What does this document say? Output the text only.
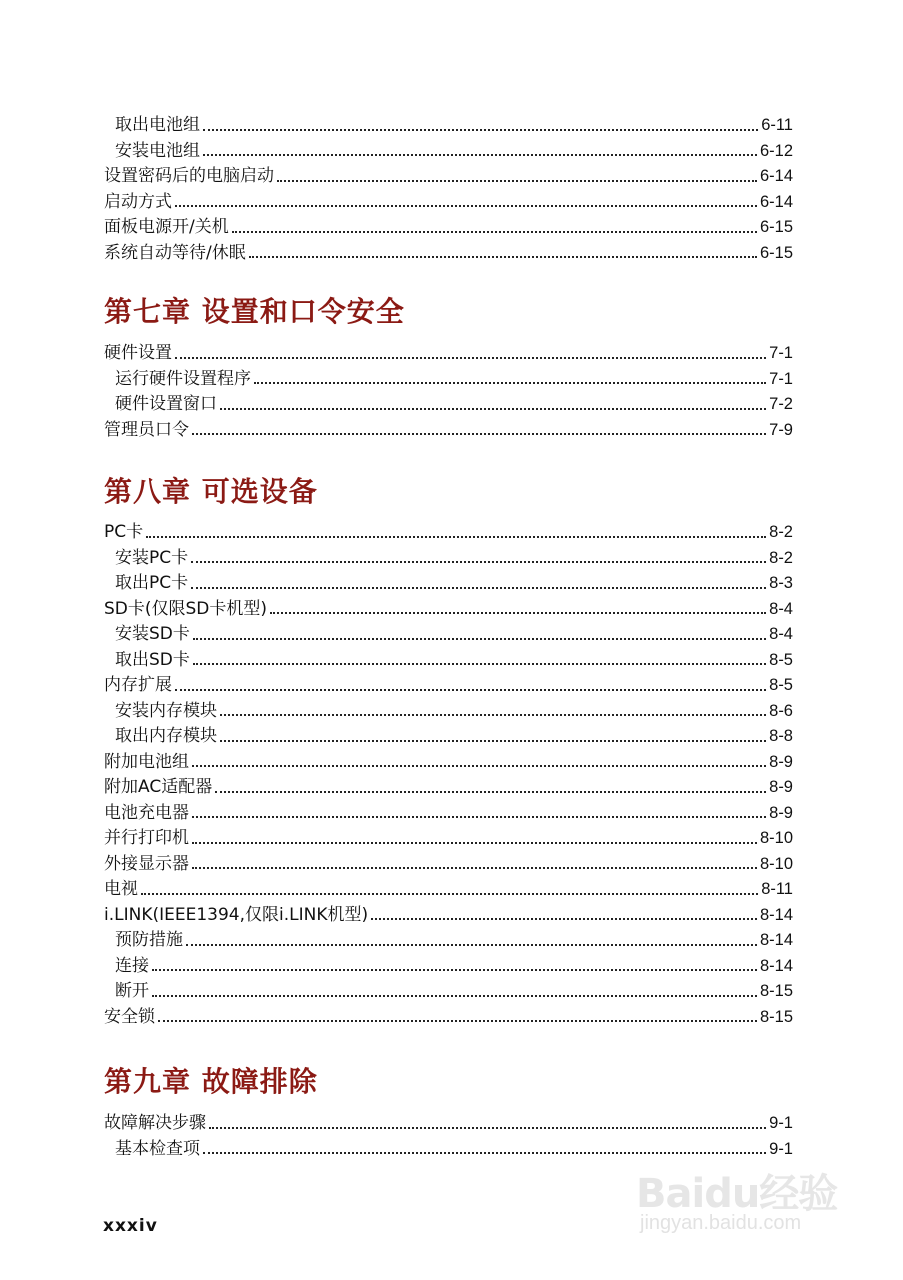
取出电池组	6-11
安装电池组	6-12
设置密码后的电脑启动	6-14
启动方式	6-14
面板电源开/关机	6-15
系统自动等待/休眠	6-15
第七章 设置和口令安全
硬件设置	7-1
运行硬件设置程序	7-1
硬件设置窗口	7-2
管理员口令	7-9
第八章 可选设备
PC卡	8-2
安装PC卡	8-2
取出PC卡	8-3
SD卡(仅限SD卡机型)	8-4
安装SD卡	8-4
取出SD卡	8-5
内存扩展	8-5
安装内存模块	8-6
取出内存模块	8-8
附加电池组	8-9
附加AC适配器	8-9
电池充电器	8-9
并行打印机	8-10
外接显示器	8-10
电视	8-11
i.LINK(IEEE1394,仅限i.LINK机型)	8-14
预防措施	8-14
连接	8-14
断开	8-15
安全锁	8-15
第九章 故障排除
故障解决步骤	9-1
基本检查项	9-1
xxxiv
Baidu经验
jingyan.baidu.com
